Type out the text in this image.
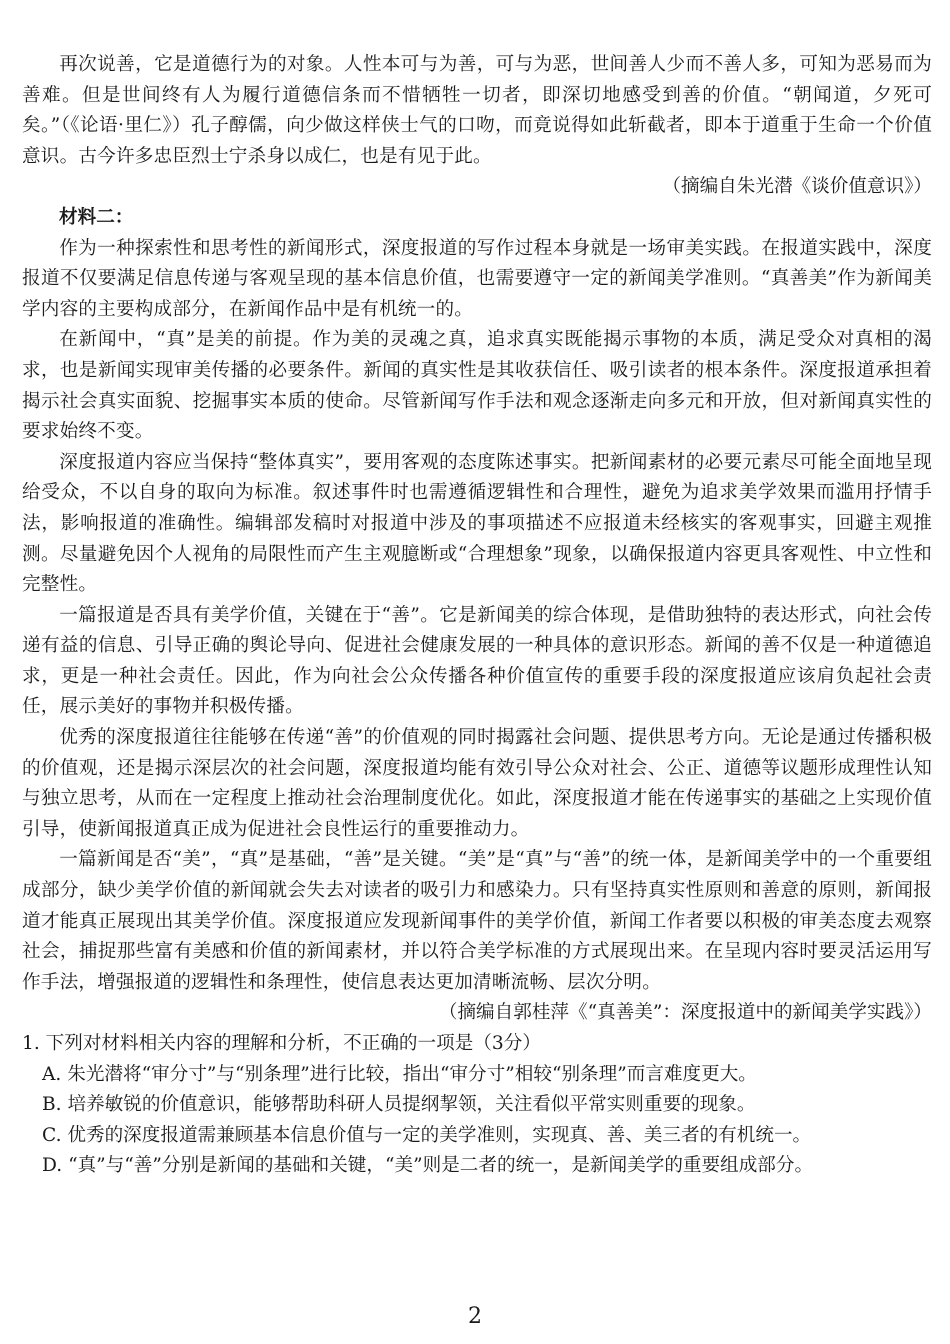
再次说善，它是道德行为的对象。人性本可与为善，可与为恶，世间善人少而不善人多，可知为恶易而为善难。但是世间终有人为履行道德信条而不惜牺牲一切者，即深切地感受到善的价值。“朝闻道，夕死可矣。”（《论语·里仁》）孔子醇儒，向少做这样侠士气的口吻，而竟说得如此斩截者，即本于道重于生命一个价值意识。古今许多忠臣烈士宁杀身以成仁，也是有见于此。

（摘编自朱光潜《谈价值意识》）

材料二：

作为一种探索性和思考性的新闻形式，深度报道的写作过程本身就是一场审美实践。在报道实践中，深度报道不仅要满足信息传递与客观呈现的基本信息价值，也需要遵守一定的新闻美学准则。“真善美”作为新闻美学内容的主要构成部分，在新闻作品中是有机统一的。

在新闻中，“真”是美的前提。作为美的灵魂之真，追求真实既能揭示事物的本质，满足受众对真相的渴求，也是新闻实现审美传播的必要条件。新闻的真实性是其收获信任、吸引读者的根本条件。深度报道承担着揭示社会真实面貌、挖掘事实本质的使命。尽管新闻写作手法和观念逐渐走向多元和开放，但对新闻真实性的要求始终不变。

深度报道内容应当保持“整体真实”，要用客观的态度陈述事实。把新闻素材的必要元素尽可能全面地呈现给受众，不以自身的取向为标准。叙述事件时也需遵循逻辑性和合理性，避免为追求美学效果而滥用抒情手法，影响报道的准确性。编辑部发稿时对报道中涉及的事项描述不应报道未经核实的客观事实，回避主观推测。尽量避免因个人视角的局限性而产生主观臆断或“合理想象”现象，以确保报道内容更具客观性、中立性和完整性。

一篇报道是否具有美学价值，关键在于“善”。它是新闻美的综合体现，是借助独特的表达形式，向社会传递有益的信息、引导正确的舆论导向、促进社会健康发展的一种具体的意识形态。新闻的善不仅是一种道德追求，更是一种社会责任。因此，作为向社会公众传播各种价值宣传的重要手段的深度报道应该肩负起社会责任，展示美好的事物并积极传播。

优秀的深度报道往往能够在传递“善”的价值观的同时揭露社会问题、提供思考方向。无论是通过传播积极的价值观，还是揭示深层次的社会问题，深度报道均能有效引导公众对社会、公正、道德等议题形成理性认知与独立思考，从而在一定程度上推动社会治理制度优化。如此，深度报道才能在传递事实的基础之上实现价值引导，使新闻报道真正成为促进社会良性运行的重要推动力。

一篇新闻是否“美”，“真”是基础，“善”是关键。“美”是“真”与“善”的统一体，是新闻美学中的一个重要组成部分，缺少美学价值的新闻就会失去对读者的吸引力和感染力。只有坚持真实性原则和善意的原则，新闻报道才能真正展现出其美学价值。深度报道应发现新闻事件的美学价值，新闻工作者要以积极的审美态度去观察社会，捕捉那些富有美感和价值的新闻素材，并以符合美学标准的方式展现出来。在呈现内容时要灵活运用写作手法，增强报道的逻辑性和条理性，使信息表达更加清晰流畅、层次分明。

（摘编自郭桂萍《“真善美”：深度报道中的新闻美学实践》）

1. 下列对材料相关内容的理解和分析，不正确的一项是（3分）

A. 朱光潜将“审分寸”与“别条理”进行比较，指出“审分寸”相较“别条理”而言难度更大。

B. 培养敏锐的价值意识，能够帮助科研人员提纲挈领，关注看似平常实则重要的现象。

C. 优秀的深度报道需兼顾基本信息价值与一定的美学准则，实现真、善、美三者的有机统一。

D. “真”与“善”分别是新闻的基础和关键，“美”则是二者的统一，是新闻美学的重要组成部分。

2
